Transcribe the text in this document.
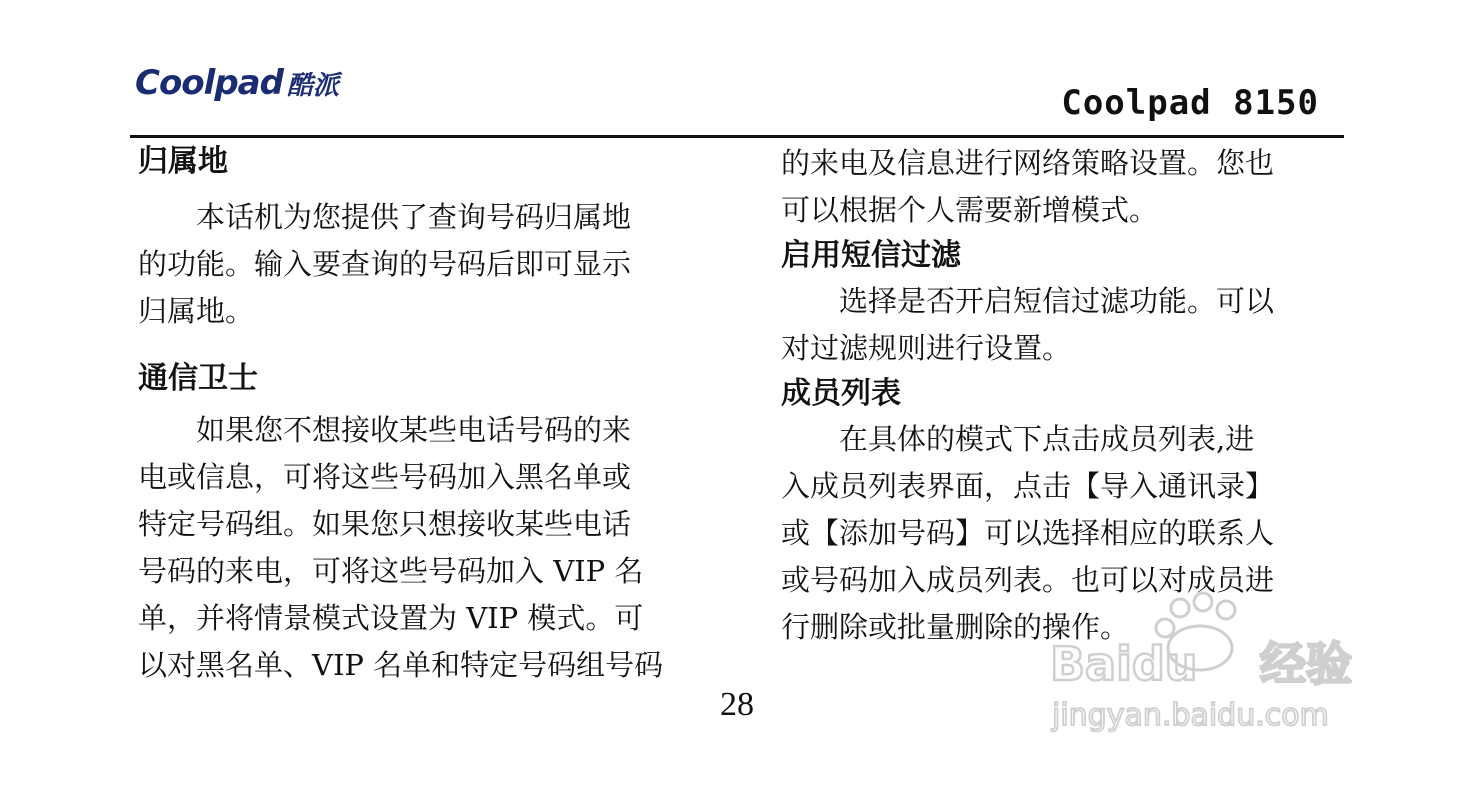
Coolpad 酷派	Coolpad 8150
归属地

本话机为您提供了查询号码归属地

的功能。输入要查询的号码后即可显示

归属地。

通信卫士

如果您不想接收某些电话号码的来

电或信息，可将这些号码加入黑名单或

特定号码组。如果您只想接收某些电话

号码的来电，可将这些号码加入 VIP 名

单，并将情景模式设置为 VIP 模式。可

以对黑名单、VIP 名单和特定号码组号码

的来电及信息进行网络策略设置。您也

可以根据个人需要新增模式。

启用短信过滤

选择是否开启短信过滤功能。可以

对过滤规则进行设置。

成员列表

在具体的模式下点击成员列表,进

入成员列表界面，点击【导入通讯录】

或【添加号码】可以选择相应的联系人

或号码加入成员列表。也可以对成员进

行删除或批量删除的操作。

28
Baidu 经验
jingyan.baidu.com
